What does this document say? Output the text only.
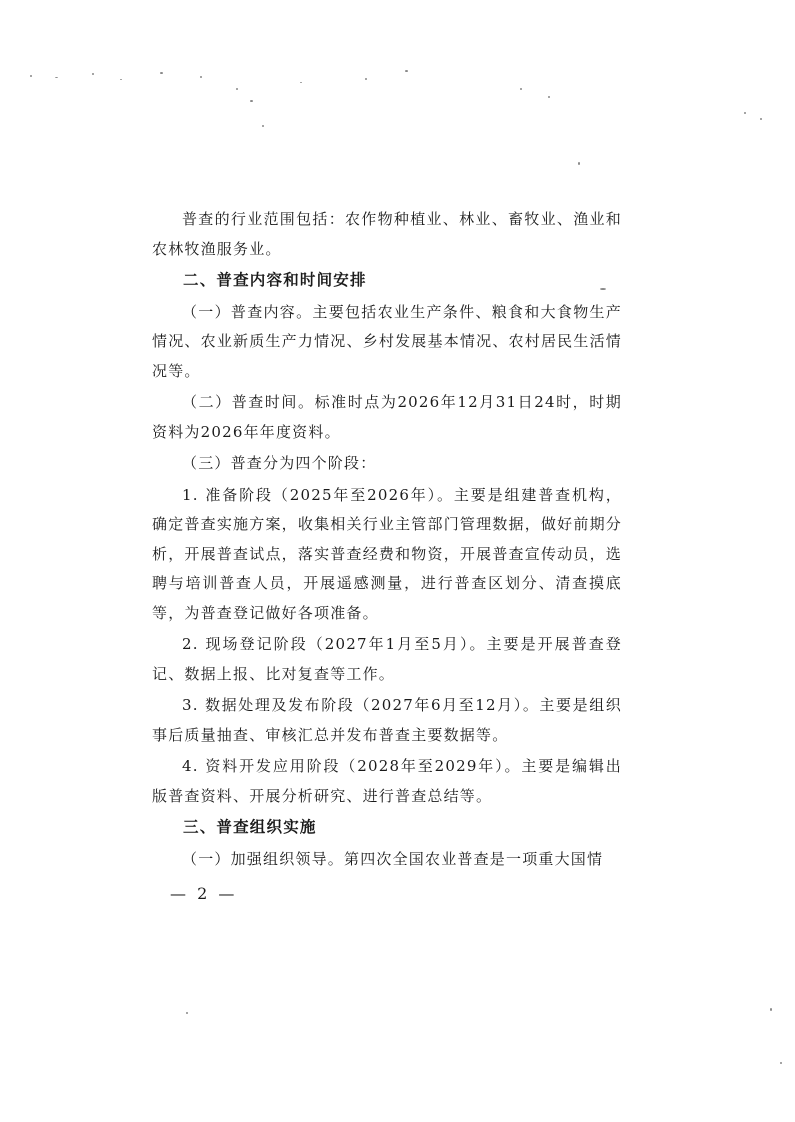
普查的行业范围包括：农作物种植业、林业、畜牧业、渔业和农林牧渔服务业。

二、普查内容和时间安排

（一）普查内容。主要包括农业生产条件、粮食和大食物生产情况、农业新质生产力情况、乡村发展基本情况、农村居民生活情况等。

（二）普查时间。标准时点为2026年12月31日24时，时期资料为2026年年度资料。

（三）普查分为四个阶段：

1. 准备阶段（2025年至2026年）。主要是组建普查机构，确定普查实施方案，收集相关行业主管部门管理数据，做好前期分析，开展普查试点，落实普查经费和物资，开展普查宣传动员，选聘与培训普查人员，开展遥感测量，进行普查区划分、清查摸底等，为普查登记做好各项准备。

2. 现场登记阶段（2027年1月至5月）。主要是开展普查登记、数据上报、比对复查等工作。

3. 数据处理及发布阶段（2027年6月至12月）。主要是组织事后质量抽查、审核汇总并发布普查主要数据等。

4. 资料开发应用阶段（2028年至2029年）。主要是编辑出版普查资料、开展分析研究、进行普查总结等。

三、普查组织实施

（一）加强组织领导。第四次全国农业普查是一项重大国情

— 2 —
